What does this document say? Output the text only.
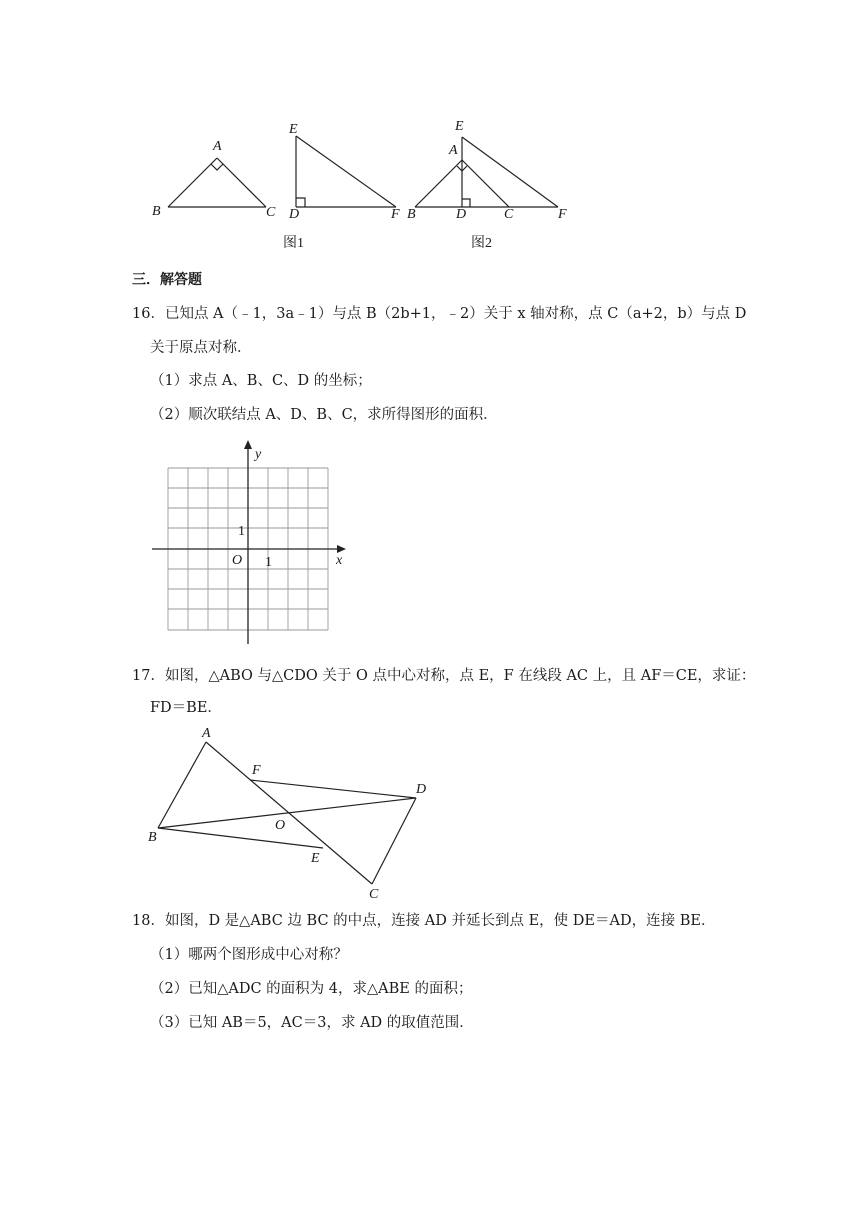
A
B	C
E
D	F
图1
E
A
B	D	C	F
图2
三．解答题
16．已知点 A（﹣1，3a﹣1）与点 B（2b+1，﹣2）关于 x 轴对称，点 C（a+2，b）与点 D
关于原点对称．
（1）求点 A、B、C、D 的坐标；
（2）顺次联结点 A、D、B、C，求所得图形的面积．
y
x
O 1
1
17．如图，△ABO 与△CDO 关于 O 点中心对称，点 E，F 在线段 AC 上，且 AF＝CE，求证：
FD＝BE．
A
F
D
O
B
E
C
18．如图，D 是△ABC 边 BC 的中点，连接 AD 并延长到点 E，使 DE＝AD，连接 BE．
（1）哪两个图形成中心对称？
（2）已知△ADC 的面积为 4，求△ABE 的面积；
（3）已知 AB＝5，AC＝3，求 AD 的取值范围．
